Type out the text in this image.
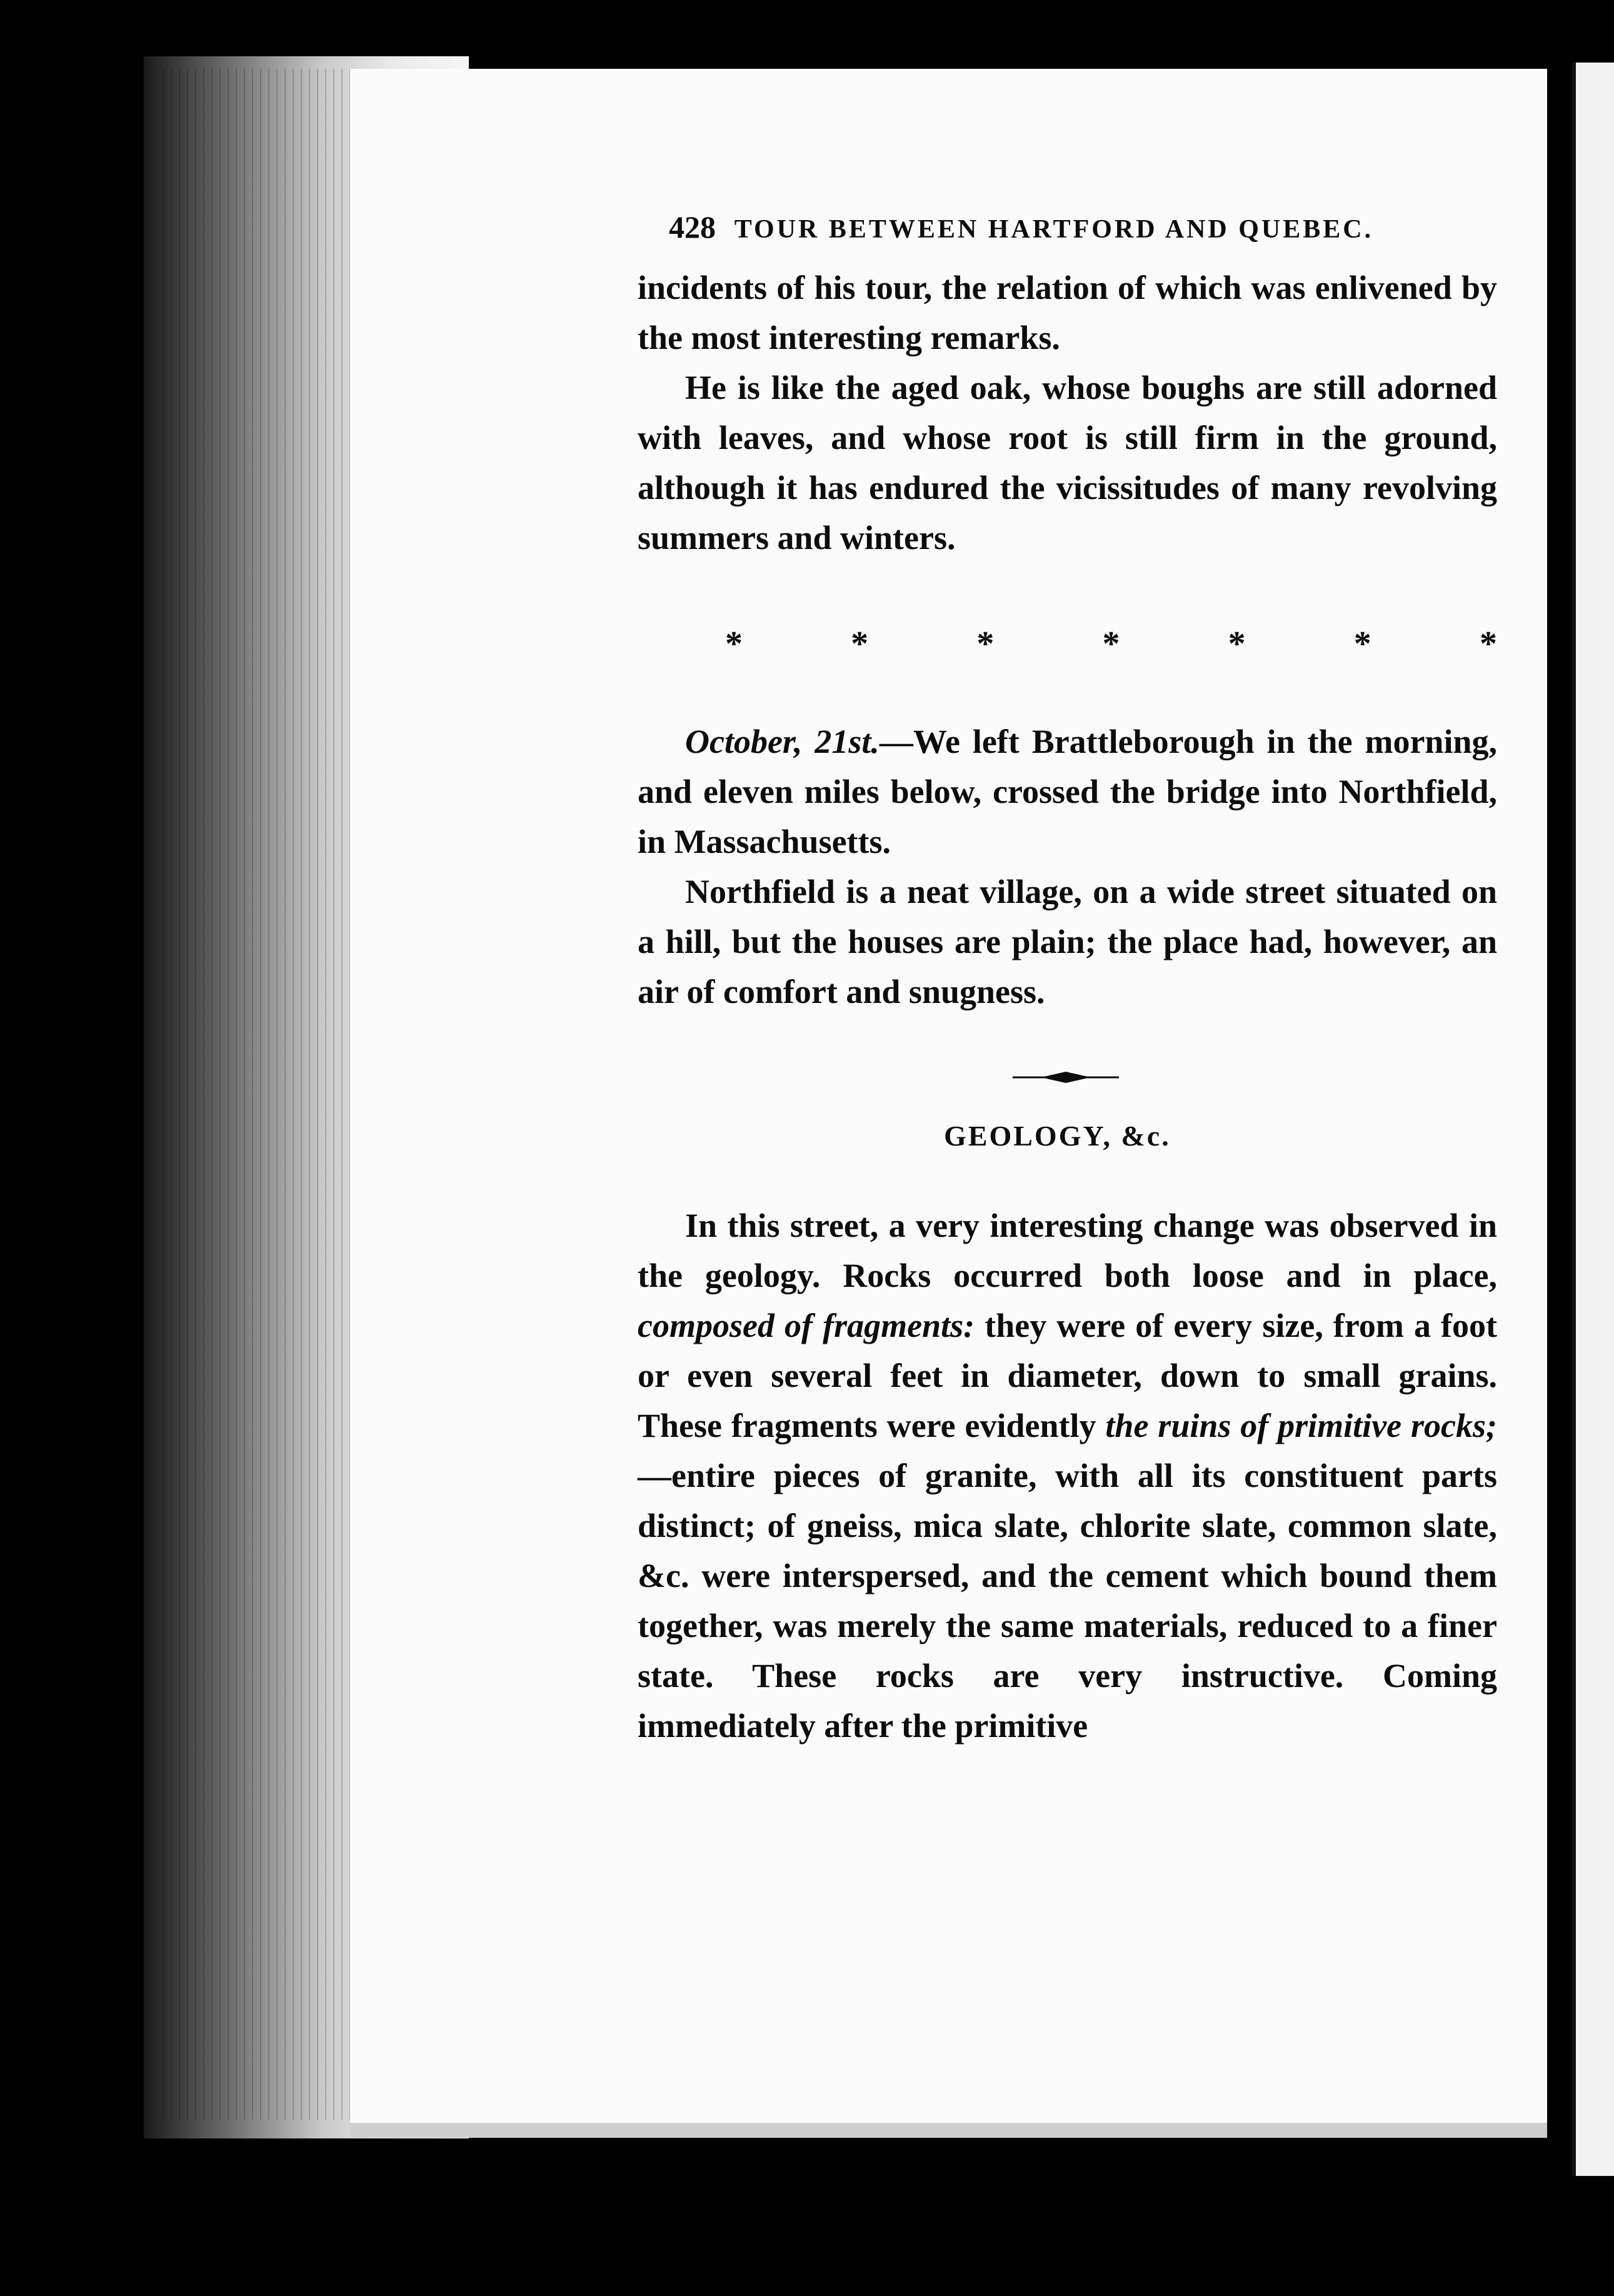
428 TOUR BETWEEN HARTFORD AND QUEBEC.

incidents of his tour, the relation of which was enlivened by the most interesting remarks.

He is like the aged oak, whose boughs are still adorned with leaves, and whose root is still firm in the ground, although it has endured the vicissitudes of many revolving summers and winters.

*	*	*	*	*	*	*

October, 21st.—We left Brattleborough in the morning, and eleven miles below, crossed the bridge into Northfield, in Massachusetts.

Northfield is a neat village, on a wide street situated on a hill, but the houses are plain; the place had, however, an air of comfort and snugness.

GEOLOGY, &c.

In this street, a very interesting change was observed in the geology. Rocks occurred both loose and in place, composed of fragments: they were of every size, from a foot or even several feet in diameter, down to small grains. These fragments were evidently the ruins of primitive rocks;—entire pieces of granite, with all its constituent parts distinct; of gneiss, mica slate, chlorite slate, common slate, &c. were interspersed, and the cement which bound them together, was merely the same materials, reduced to a finer state. These rocks are very instructive. Coming immediately after the primitive
